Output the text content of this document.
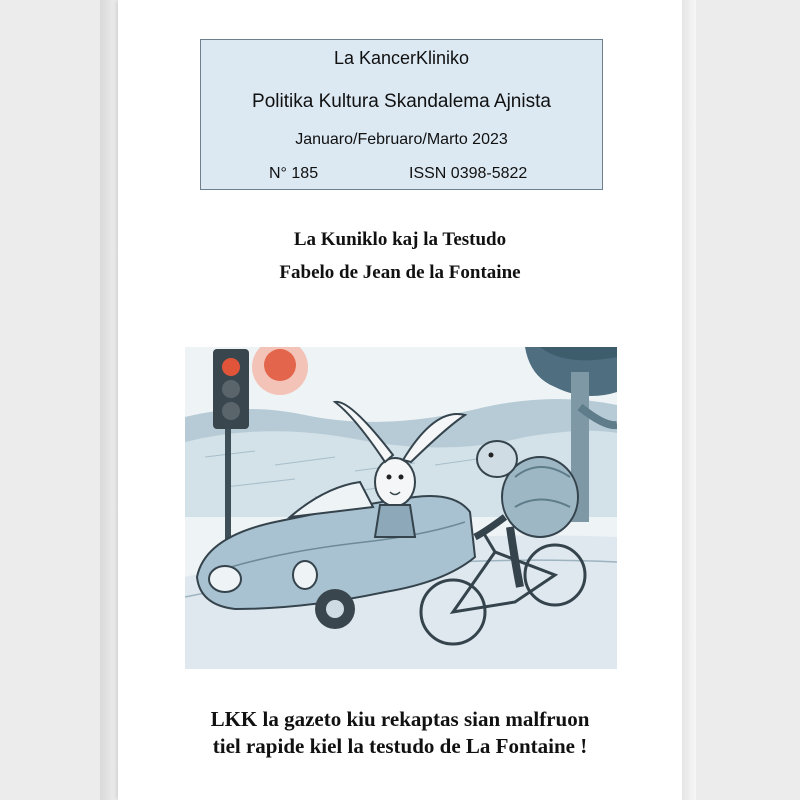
La KancerKliniko
Politika Kultura Skandalema Ajnista
Januaro/Februaro/Marto 2023
N° 185	ISSN 0398-5822
La Kuniklo kaj la Testudo
Fabelo de Jean de la Fontaine
LKK la gazeto kiu rekaptas sian malfruon
tiel rapide kiel la testudo de La Fontaine !
